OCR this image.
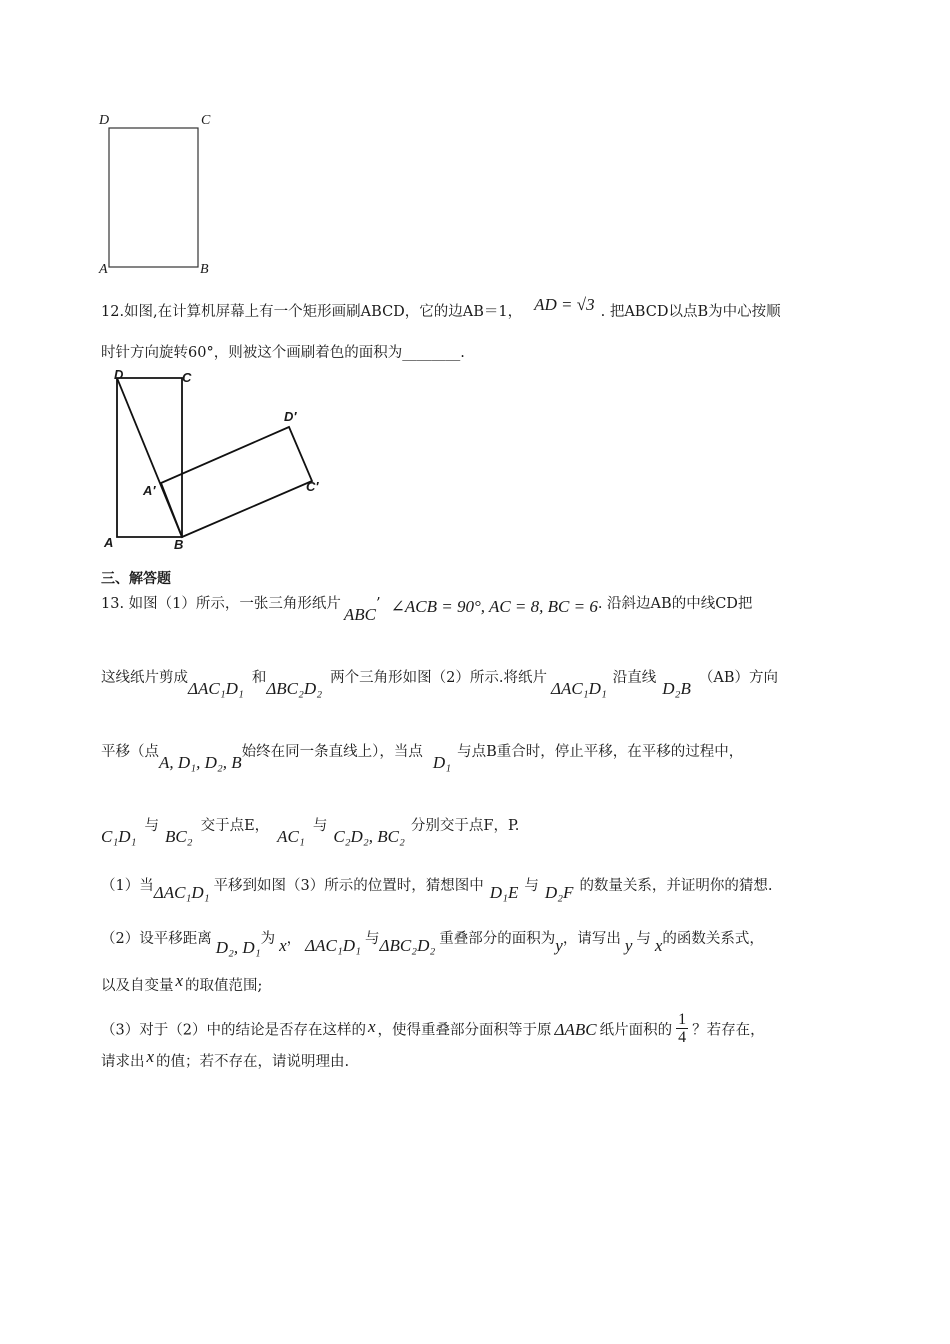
D	C
A	B
12.如图,在计算机屏幕上有一个矩形画刷ABCD，它的边AB＝1， AD = √3 . 把ABCD以点B为中心按顺
时针方向旋转60°，则被这个画刷着色的面积为________.
D	C
D′
A′	C′
A	B
三、解答题
13. 如图（1）所示，一张三角形纸片ABC’ ∠ACB = 90°, AC = 8, BC = 6. 沿斜边AB的中线CD把
这线纸片剪成ΔAC₁D₁和ΔBC₂D₂两个三角形如图（2）所示.将纸片ΔAC₁D₁沿直线D₂B（AB）方向
平移（点A, D₁, D₂, B始终在同一条直线上），当点D₁与点B重合时，停止平移，在平移的过程中，
C₁D₁与BC₂交于点E，AC₁与C₂D₂, BC₂分别交于点F，P.
（1）当ΔAC₁D₁ 平移到如图（3）所示的位置时，猜想图中 D₁E 与 D₂F 的数量关系，并证明你的猜想.
（2）设平移距离 D₂, D₁为 x， ΔAC₁D₁ 与ΔBC₂D₂ 重叠部分的面积为y，请写出 y 与 x的函数关系式，
以及自变量 x 的取值范围;
（3）对于（2）中的结论是否存在这样的 x ，使得重叠部分面积等于原 ΔABC 纸片面积的 $\frac{1}{4}$ ？若存在，
请求出 x 的值；若不存在，请说明理由.
